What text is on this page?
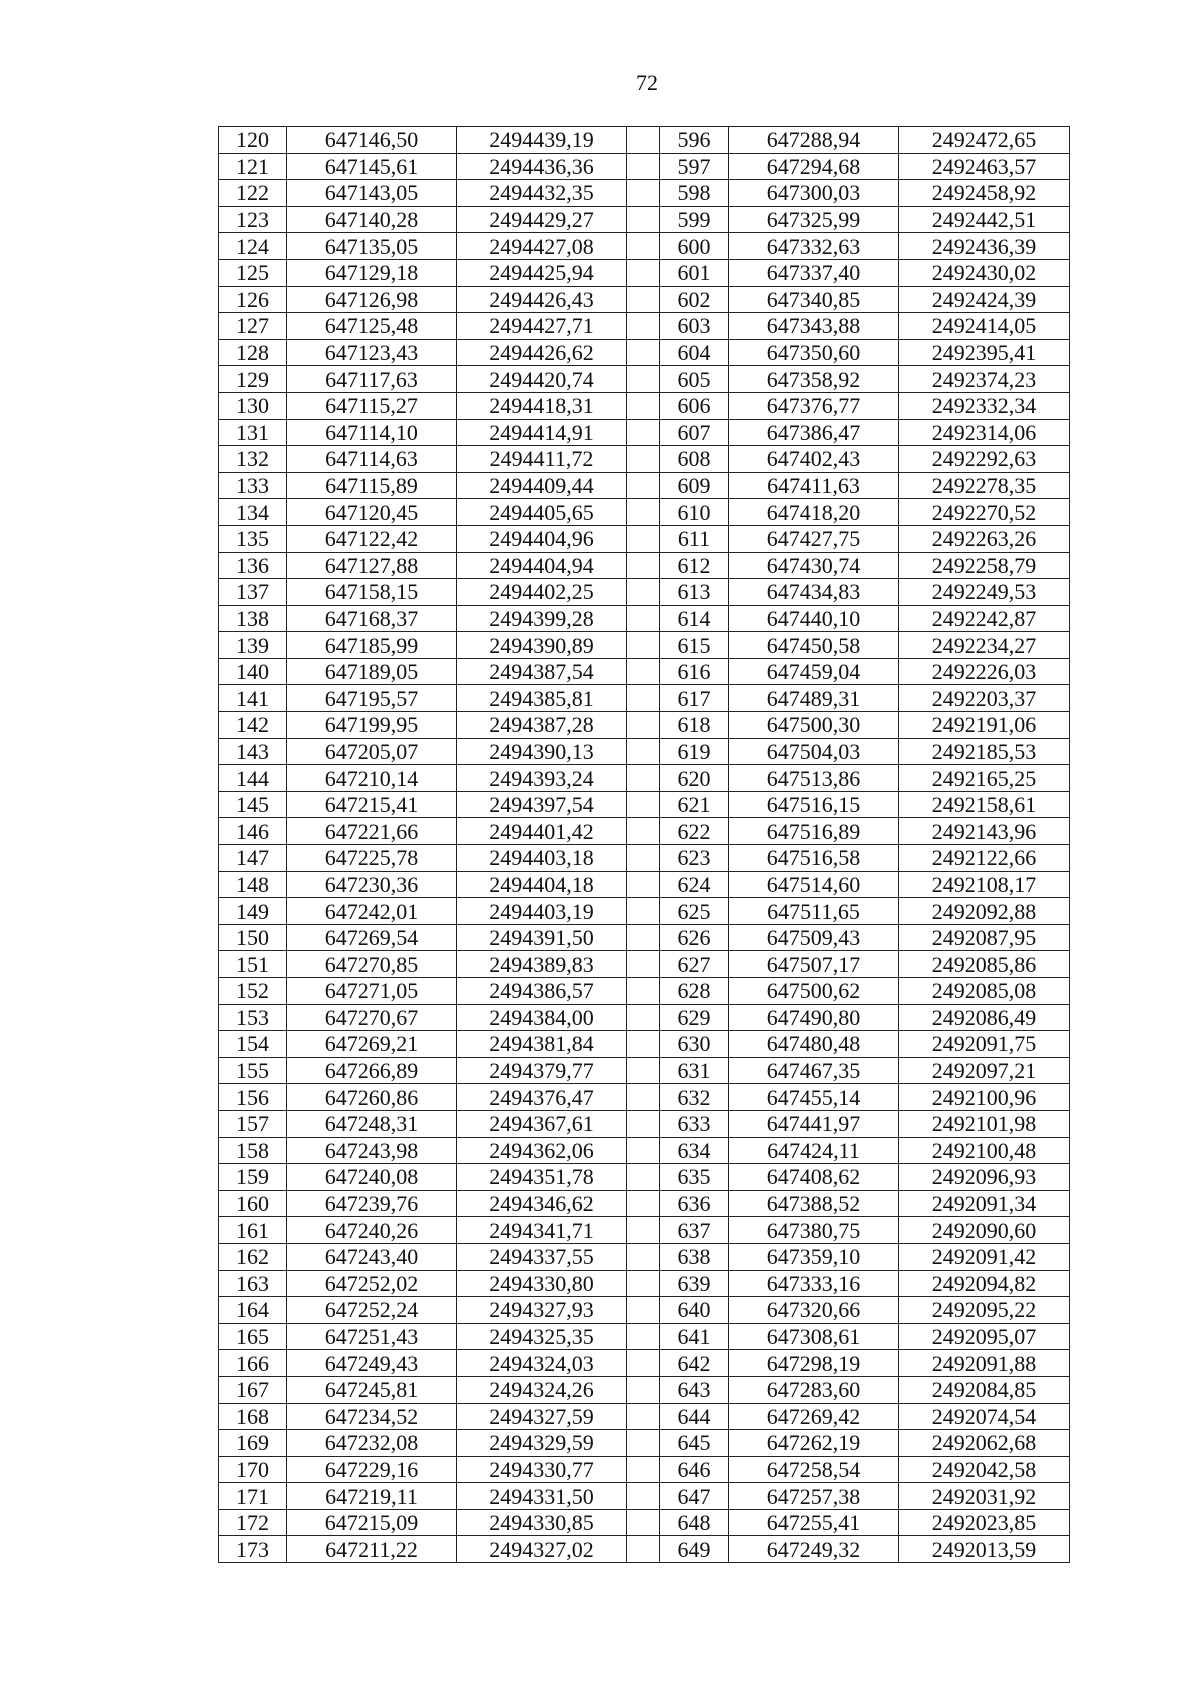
72
120	647146,50	2494439,19		596	647288,94	2492472,65
121	647145,61	2494436,36		597	647294,68	2492463,57
122	647143,05	2494432,35		598	647300,03	2492458,92
123	647140,28	2494429,27		599	647325,99	2492442,51
124	647135,05	2494427,08		600	647332,63	2492436,39
125	647129,18	2494425,94		601	647337,40	2492430,02
126	647126,98	2494426,43		602	647340,85	2492424,39
127	647125,48	2494427,71		603	647343,88	2492414,05
128	647123,43	2494426,62		604	647350,60	2492395,41
129	647117,63	2494420,74		605	647358,92	2492374,23
130	647115,27	2494418,31		606	647376,77	2492332,34
131	647114,10	2494414,91		607	647386,47	2492314,06
132	647114,63	2494411,72		608	647402,43	2492292,63
133	647115,89	2494409,44		609	647411,63	2492278,35
134	647120,45	2494405,65		610	647418,20	2492270,52
135	647122,42	2494404,96		611	647427,75	2492263,26
136	647127,88	2494404,94		612	647430,74	2492258,79
137	647158,15	2494402,25		613	647434,83	2492249,53
138	647168,37	2494399,28		614	647440,10	2492242,87
139	647185,99	2494390,89		615	647450,58	2492234,27
140	647189,05	2494387,54		616	647459,04	2492226,03
141	647195,57	2494385,81		617	647489,31	2492203,37
142	647199,95	2494387,28		618	647500,30	2492191,06
143	647205,07	2494390,13		619	647504,03	2492185,53
144	647210,14	2494393,24		620	647513,86	2492165,25
145	647215,41	2494397,54		621	647516,15	2492158,61
146	647221,66	2494401,42		622	647516,89	2492143,96
147	647225,78	2494403,18		623	647516,58	2492122,66
148	647230,36	2494404,18		624	647514,60	2492108,17
149	647242,01	2494403,19		625	647511,65	2492092,88
150	647269,54	2494391,50		626	647509,43	2492087,95
151	647270,85	2494389,83		627	647507,17	2492085,86
152	647271,05	2494386,57		628	647500,62	2492085,08
153	647270,67	2494384,00		629	647490,80	2492086,49
154	647269,21	2494381,84		630	647480,48	2492091,75
155	647266,89	2494379,77		631	647467,35	2492097,21
156	647260,86	2494376,47		632	647455,14	2492100,96
157	647248,31	2494367,61		633	647441,97	2492101,98
158	647243,98	2494362,06		634	647424,11	2492100,48
159	647240,08	2494351,78		635	647408,62	2492096,93
160	647239,76	2494346,62		636	647388,52	2492091,34
161	647240,26	2494341,71		637	647380,75	2492090,60
162	647243,40	2494337,55		638	647359,10	2492091,42
163	647252,02	2494330,80		639	647333,16	2492094,82
164	647252,24	2494327,93		640	647320,66	2492095,22
165	647251,43	2494325,35		641	647308,61	2492095,07
166	647249,43	2494324,03		642	647298,19	2492091,88
167	647245,81	2494324,26		643	647283,60	2492084,85
168	647234,52	2494327,59		644	647269,42	2492074,54
169	647232,08	2494329,59		645	647262,19	2492062,68
170	647229,16	2494330,77		646	647258,54	2492042,58
171	647219,11	2494331,50		647	647257,38	2492031,92
172	647215,09	2494330,85		648	647255,41	2492023,85
173	647211,22	2494327,02		649	647249,32	2492013,59
